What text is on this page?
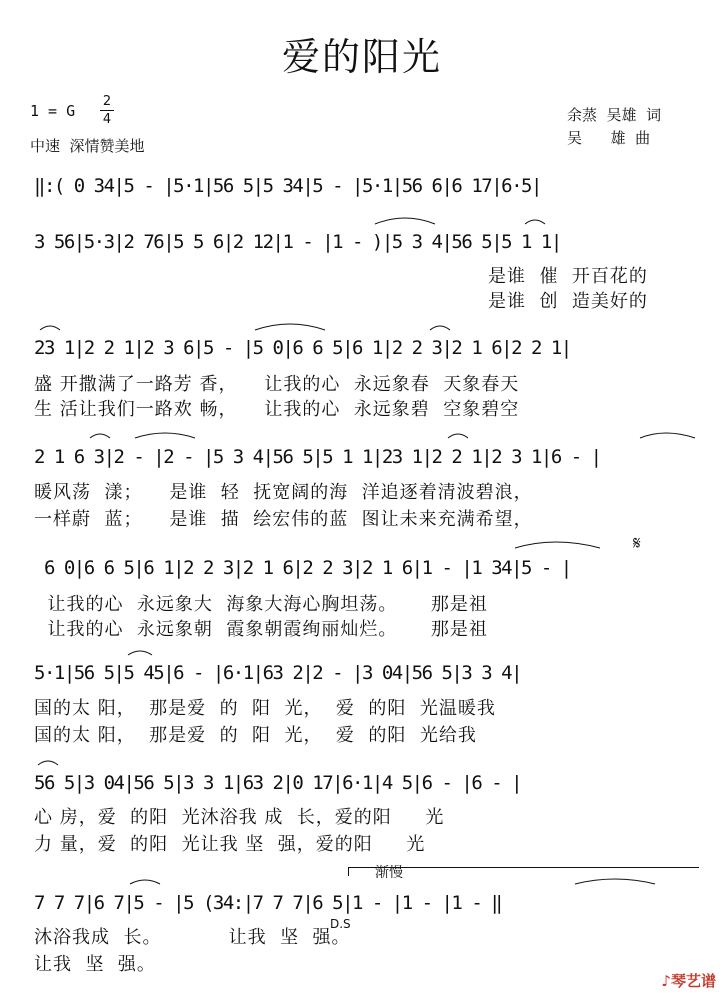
爱的阳光
1 = G
2
4
中速  深情赞美地
余蒸  吴雄  词
吴      雄  曲
‖:( 0 34|5 - |5·1|56 5|5 34|5 - |5·1|56 6|6 17|6·5|
3 56|5·3|2 76|5 5 6|2 12|1 - |1 - )|5 3 4|56 5|5 1 1|
是谁  催  开百花的
是谁  创  造美好的
23 1|2 2 1|2 3 6|5 - |5 0|6 6 5|6 1|2 2 3|2 1 6|2 2 1|
盛 开撒满了一路芳 香，    让我的心  永远象春  天象春天
生 活让我们一路欢 畅，    让我的心  永远象碧  空象碧空
2 1 6 3|2 - |2 - |5 3 4|56 5|5 1 1|23 1|2 2 1|2 3 1|6 - |
暖风荡  漾；    是谁  轻  抚宽阔的海  洋追逐着清波碧浪，
一样蔚  蓝；    是谁  描  绘宏伟的蓝  图让未来充满希望，
6 0|6 6 5|6 1|2 2 3|2 1 6|2 2 3|2 1 6|1 - |1 34|5 - |
让我的心  永远象大  海象大海心胸坦荡。     那是祖
让我的心  永远象朝  霞象朝霞绚丽灿烂。     那是祖
𝄋
5·1|56 5|5 45|6 - |6·1|63 2|2 - |3 04|56 5|3 3 4|
国的太 阳，  那是爱  的  阳  光，  爱  的阳  光温暖我
国的太 阳，  那是爱  的  阳  光，  爱  的阳  光给我
56 5|3 04|56 5|3 3 1|63 2|0 17|6·1|4 5|6 - |6 - |
心 房，爱  的阳  光沐浴我 成  长，爱的阳     光
力 量，爱  的阳  光让我 坚  强，爱的阳     光
渐慢
7 7 7|6 7|5 - |5 (34:|7 7 7|6 5|1 - |1 - |1 - ‖
D.S
沐浴我成  长。          让我  坚  强。
让我  坚  强。
♪琴艺谱
